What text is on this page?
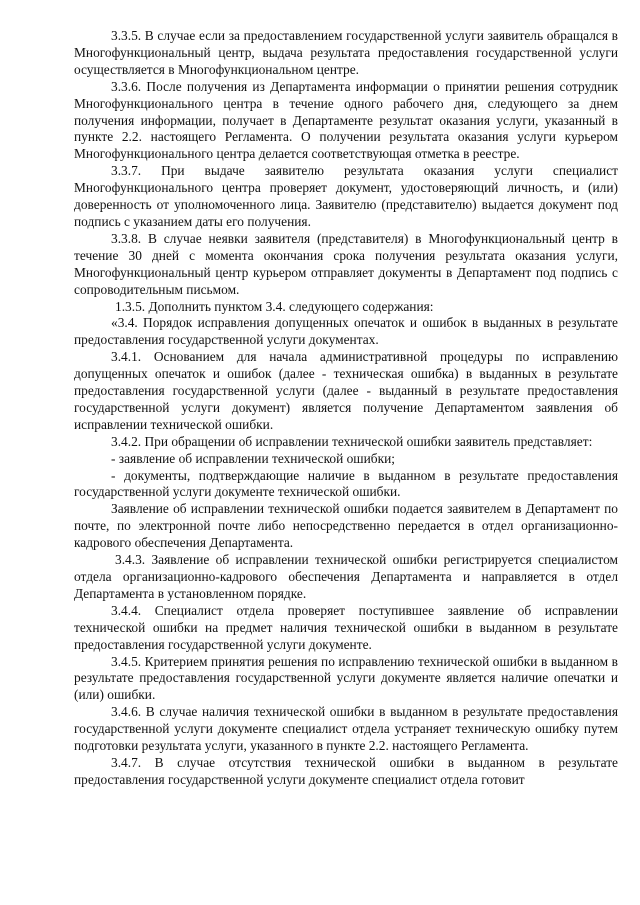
3.3.5. В случае если за предоставлением государственной услуги заявитель обращался в Многофункциональный центр, выдача результата предоставления государственной услуги осуществляется в Многофункциональном центре.

3.3.6. После получения из Департамента информации о принятии решения сотрудник Многофункционального центра в течение одного рабочего дня, следующего за днем получения информации, получает в Департаменте результат оказания услуги, указанный в пункте 2.2. настоящего Регламента. О получении результата оказания услуги курьером Многофункционального центра делается соответствующая отметка в реестре.

3.3.7. При выдаче заявителю результата оказания услуги специалист Многофункционального центра проверяет документ, удостоверяющий личность, и (или) доверенность от уполномоченного лица. Заявителю (представителю) выдается документ под подпись с указанием даты его получения.

3.3.8. В случае неявки заявителя (представителя) в Многофункциональный центр в течение 30 дней с момента окончания срока получения результата оказания услуги, Многофункциональный центр курьером отправляет документы в Департамент под подпись с сопроводительным письмом.

1.3.5. Дополнить пунктом 3.4. следующего содержания:

«3.4. Порядок исправления допущенных опечаток и ошибок в выданных в результате предоставления государственной услуги документах.

3.4.1. Основанием для начала административной процедуры по исправлению допущенных опечаток и ошибок (далее - техническая ошибка) в выданных в результате предоставления государственной услуги (далее - выданный в результате предоставления государственной услуги документ) является получение Департаментом заявления об исправлении технической ошибки.

3.4.2. При обращении об исправлении технической ошибки заявитель представляет:

- заявление об исправлении технической ошибки;

- документы, подтверждающие наличие в выданном в результате предоставления государственной услуги документе технической ошибки.

Заявление об исправлении технической ошибки подается заявителем в Департамент по почте, по электронной почте либо непосредственно передается в отдел организационно-кадрового обеспечения Департамента.

3.4.3. Заявление об исправлении технической ошибки регистрируется специалистом отдела организационно-кадрового обеспечения Департамента и направляется в отдел Департамента в установленном порядке.

3.4.4. Специалист отдела проверяет поступившее заявление об исправлении технической ошибки на предмет наличия технической ошибки в выданном в результате предоставления государственной услуги документе.

3.4.5. Критерием принятия решения по исправлению технической ошибки в выданном в результате предоставления государственной услуги документе является наличие опечатки и (или) ошибки.

3.4.6. В случае наличия технической ошибки в выданном в результате предоставления государственной услуги документе специалист отдела устраняет техническую ошибку путем подготовки результата услуги, указанного в пункте 2.2. настоящего Регламента.

3.4.7. В случае отсутствия технической ошибки в выданном в результате предоставления государственной услуги документе специалист отдела готовит
